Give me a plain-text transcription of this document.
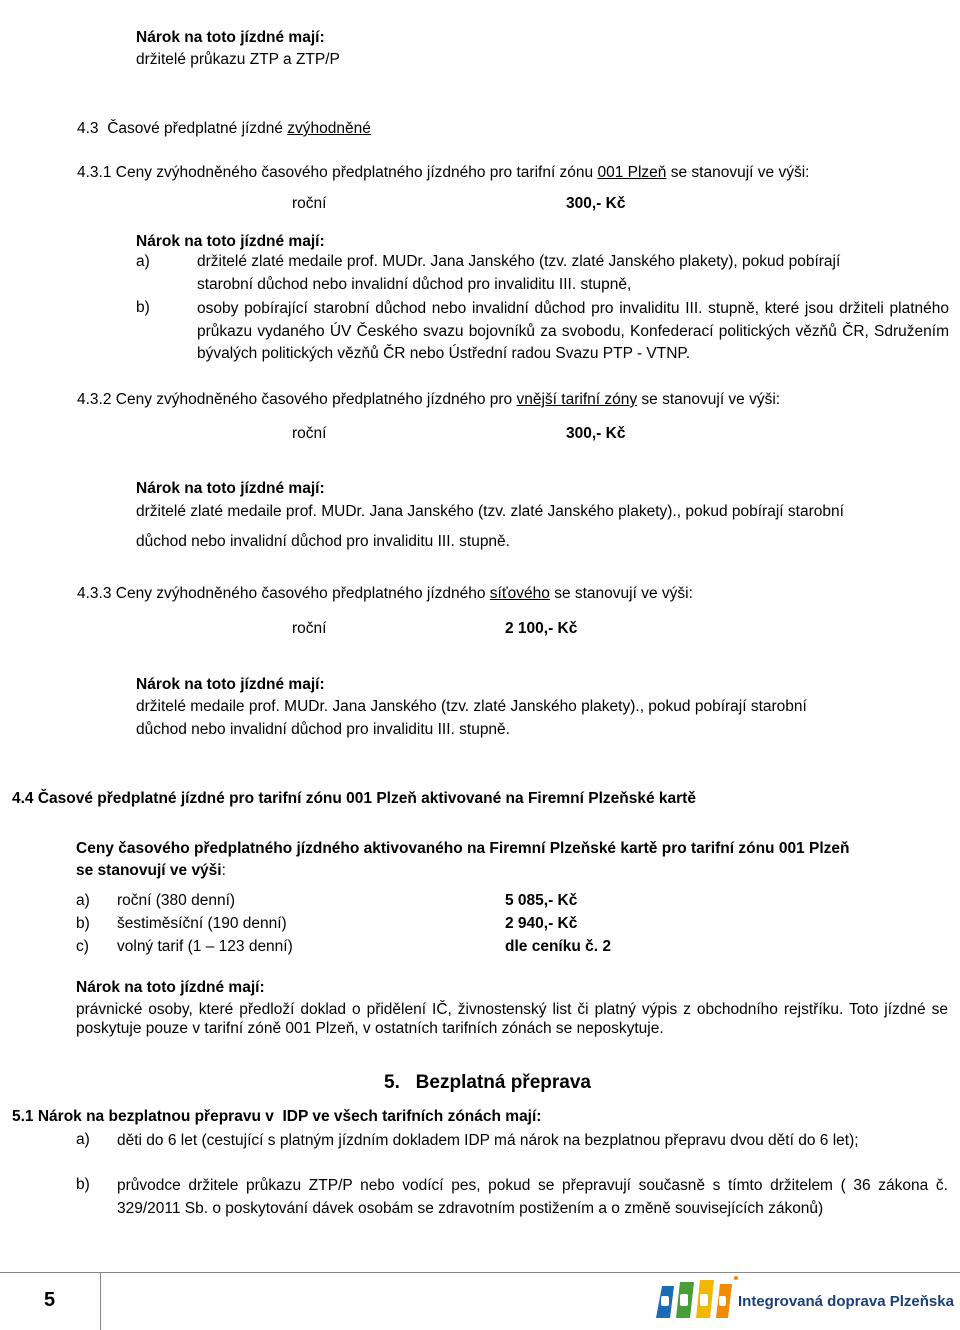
Nárok na toto jízdné mají:
držitelé průkazu ZTP a ZTP/P
4.3 Časové předplatné jízdné zvýhodněné
4.3.1 Ceny zvýhodněného časového předplatného jízdného pro tarifní zónu 001 Plzeň se stanovují ve výši:
roční	300,- Kč
Nárok na toto jízdné mají:
a)	držitelé zlaté medaile prof. MUDr. Jana Janského (tzv. zlaté Janského plakety), pokud pobírají
starobní důchod nebo invalidní důchod pro invaliditu III. stupně,
b)	osoby pobírající starobní důchod nebo invalidní důchod pro invaliditu III. stupně, které jsou držiteli platného průkazu vydaného ÚV Českého svazu bojovníků za svobodu, Konfederací politických vězňů ČR, Sdružením bývalých politických vězňů ČR nebo Ústřední radou Svazu PTP - VTNP.
4.3.2 Ceny zvýhodněného časového předplatného jízdného pro vnější tarifní zóny se stanovují ve výši:
roční	300,- Kč
Nárok na toto jízdné mají:
držitelé zlaté medaile prof. MUDr. Jana Janského (tzv. zlaté Janského plakety)., pokud pobírají starobní
důchod nebo invalidní důchod pro invaliditu III. stupně.
4.3.3 Ceny zvýhodněného časového předplatného jízdného síťového se stanovují ve výši:
roční	2 100,- Kč
Nárok na toto jízdné mají:
držitelé medaile prof. MUDr. Jana Janského (tzv. zlaté Janského plakety)., pokud pobírají starobní
důchod nebo invalidní důchod pro invaliditu III. stupně.
4.4 Časové předplatné jízdné pro tarifní zónu 001 Plzeň aktivované na Firemní Plzeňské kartě
Ceny časového předplatného jízdného aktivovaného na Firemní Plzeňské kartě pro tarifní zónu 001 Plzeň
se stanovují ve výši:
a) roční (380 denní)	5 085,- Kč
b) šestiměsíční (190 denní)	2 940,- Kč
c) volný tarif (1 – 123 denní)	dle ceníku č. 2
Nárok na toto jízdné mají:
právnické osoby, které předloží doklad o přidělení IČ, živnostenský list či platný výpis z obchodního rejstříku. Toto jízdné se poskytuje pouze v tarifní zóně 001 Plzeň, v ostatních tarifních zónách se neposkytuje.
5.   Bezplatná přeprava
5.1 Nárok na bezplatnou přepravu v  IDP ve všech tarifních zónách mají:
a) děti do 6 let (cestující s platným jízdním dokladem IDP má nárok na bezplatnou přepravu dvou dětí do 6 let);
b) průvodce držitele průkazu ZTP/P nebo vodící pes, pokud se přepravují současně s tímto držitelem ( 36 zákona č. 329/2011 Sb. o poskytování dávek osobám se zdravotním postižením a o změně souvisejících zákonů)
5	Integrovaná doprava Plzeňska
